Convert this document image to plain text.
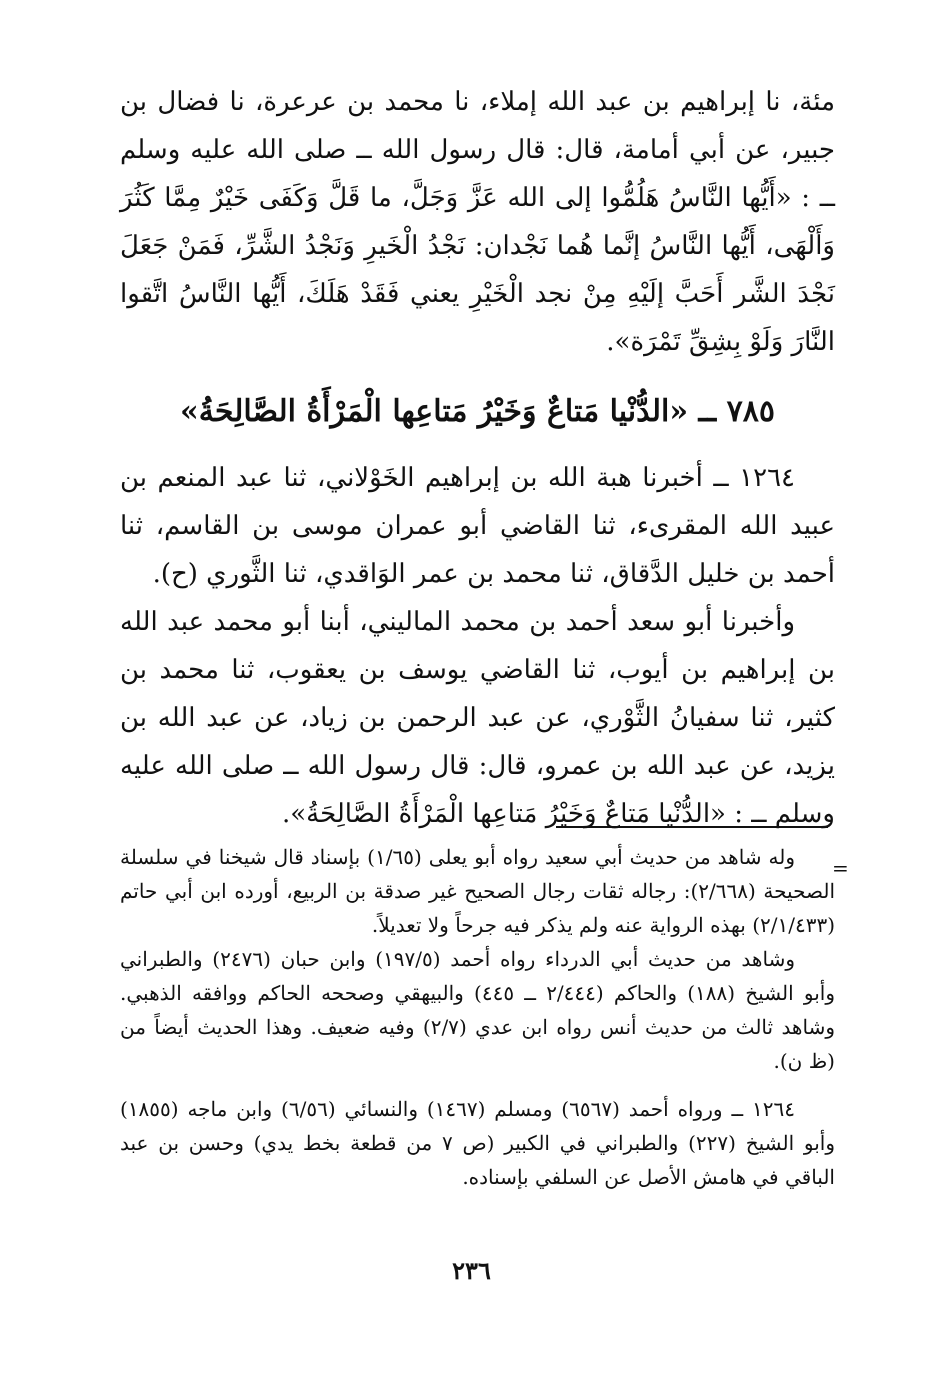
مئة، نا إبراهيم بن عبد الله إملاء، نا محمد بن عرعرة، نا فضال بن جبير، عن أبي أمامة، قال: قال رسول الله ــ صلى الله عليه وسلم ــ : «أَيُّها النَّاسُ هَلُمُّوا إلى الله عَزَّ وَجَلَّ، ما قَلَّ وَكَفَى خَيْرٌ مِمَّا كَثُرَ وَأَلْهَى، أَيُّها النَّاسُ إنَّما هُما نَجْدان: نَجْدُ الْخَيرِ وَنَجْدُ الشَّرِّ، فَمَنْ جَعَلَ نَجْدَ الشَّر أَحَبَّ إلَيْهِ مِنْ نجد الْخَيْرِ يعني فَقَدْ هَلَكَ، أَيُّها النَّاسُ اتَّقوا النَّارَ وَلَوْ بِشِقِّ تَمْرَة».

٧٨٥ ــ «الدُّنْيا مَتاعٌ وَخَيْرُ مَتاعِها الْمَرْأَةُ الصَّالِحَةُ»

١٢٦٤ ــ أخبرنا هبة الله بن إبراهيم الخَوْلاني، ثنا عبد المنعم بن عبيد الله المقرىء، ثنا القاضي أبو عمران موسى بن القاسم، ثنا أحمد بن خليل الدَّقاق، ثنا محمد بن عمر الوَاقدي، ثنا الثَّوري (ح).

وأخبرنا أبو سعد أحمد بن محمد الماليني، أبنا أبو محمد عبد الله بن إبراهيم بن أيوب، ثنا القاضي يوسف بن يعقوب، ثنا محمد بن كثير، ثنا سفيانُ الثَّوْري، عن عبد الرحمن بن زياد، عن عبد الله بن يزيد، عن عبد الله بن عمرو، قال: قال رسول الله ــ صلى الله عليه وسلم ــ : «الدُّنْيا مَتاعٌ وَخَيْرُ مَتاعِها الْمَرْأَةُ الصَّالِحَةُ».

=

وله شاهد من حديث أبي سعيد رواه أبو يعلى (١/٦٥) بإسناد قال شيخنا في سلسلة الصحيحة (٢/٦٦٨): رجاله ثقات رجال الصحيح غير صدقة بن الربيع، أورده ابن أبي حاتم (٢/١/٤٣٣) بهذه الرواية عنه ولم يذكر فيه جرحاً ولا تعديلاً.

وشاهد من حديث أبي الدرداء رواه أحمد (١٩٧/٥) وابن حبان (٢٤٧٦) والطبراني وأبو الشيخ (١٨٨) والحاكم (٢/٤٤٤ ــ ٤٤٥) والبيهقي وصححه الحاكم ووافقه الذهبي. وشاهد ثالث من حديث أنس رواه ابن عدي (٢/٧) وفيه ضعيف. وهذا الحديث أيضاً من (ظ ن).

١٢٦٤ ــ ورواه أحمد (٦٥٦٧) ومسلم (١٤٦٧) والنسائي (٦/٥٦) وابن ماجه (١٨٥٥) وأبو الشيخ (٢٢٧) والطبراني في الكبير (ص ٧ من قطعة بخط يدي) وحسن بن عبد الباقي في هامش الأصل عن السلفي بإسناده.

٢٣٦
